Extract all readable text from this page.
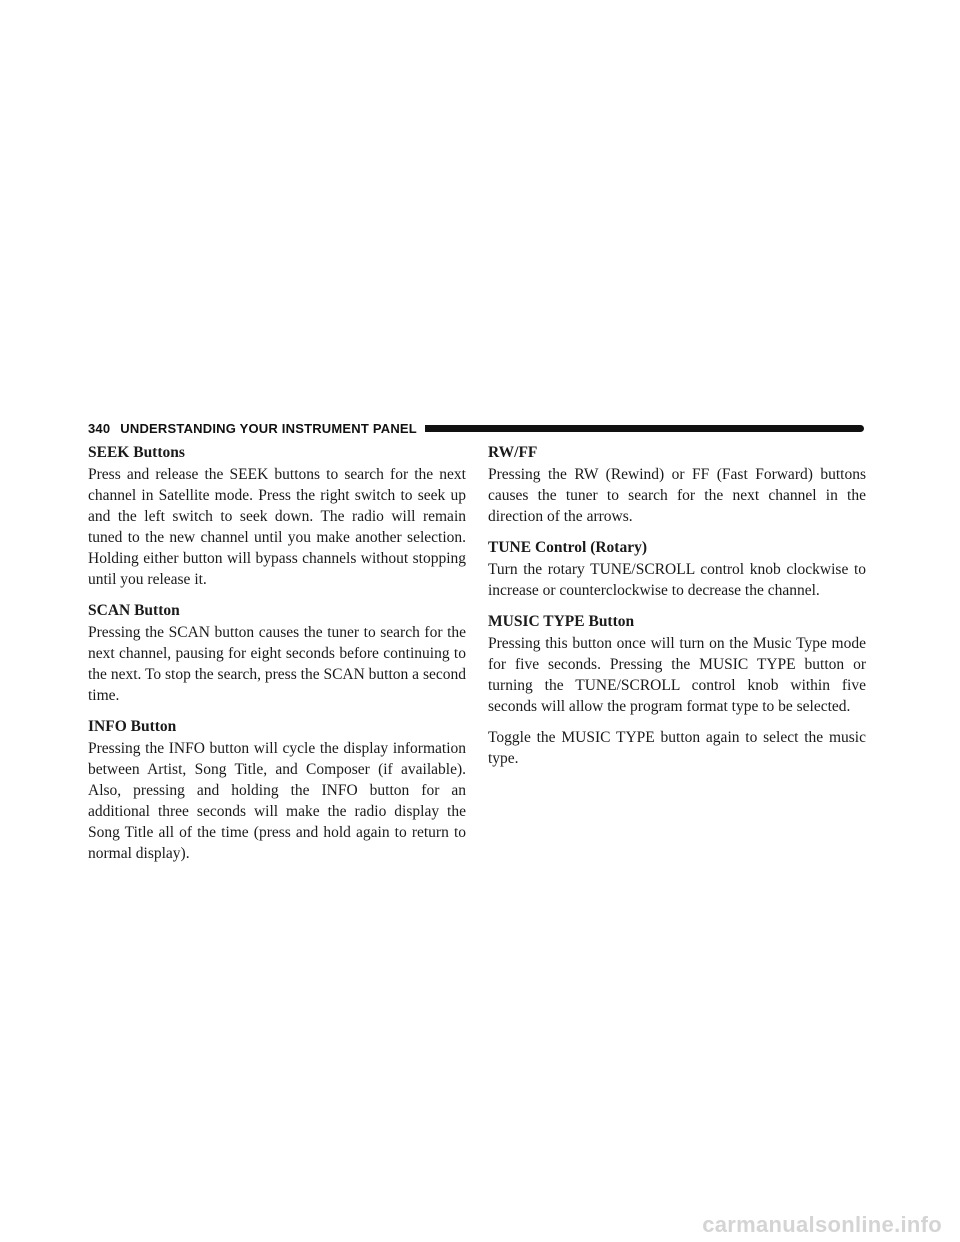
340 UNDERSTANDING YOUR INSTRUMENT PANEL
SEEK Buttons

Press and release the SEEK buttons to search for the next channel in Satellite mode. Press the right switch to seek up and the left switch to seek down. The radio will remain tuned to the new channel until you make another selection. Holding either button will bypass channels without stopping until you release it.

SCAN Button

Pressing the SCAN button causes the tuner to search for the next channel, pausing for eight seconds before continuing to the next. To stop the search, press the SCAN button a second time.

INFO Button

Pressing the INFO button will cycle the display information between Artist, Song Title, and Composer (if available). Also, pressing and holding the INFO button for an additional three seconds will make the radio display the Song Title all of the time (press and hold again to return to normal display).

RW/FF

Pressing the RW (Rewind) or FF (Fast Forward) buttons causes the tuner to search for the next channel in the direction of the arrows.

TUNE Control (Rotary)

Turn the rotary TUNE/SCROLL control knob clockwise to increase or counterclockwise to decrease the channel.

MUSIC TYPE Button

Pressing this button once will turn on the Music Type mode for five seconds. Pressing the MUSIC TYPE button or turning the TUNE/SCROLL control knob within five seconds will allow the program format type to be selected.

Toggle the MUSIC TYPE button again to select the music type.

carmanualsonline.info
